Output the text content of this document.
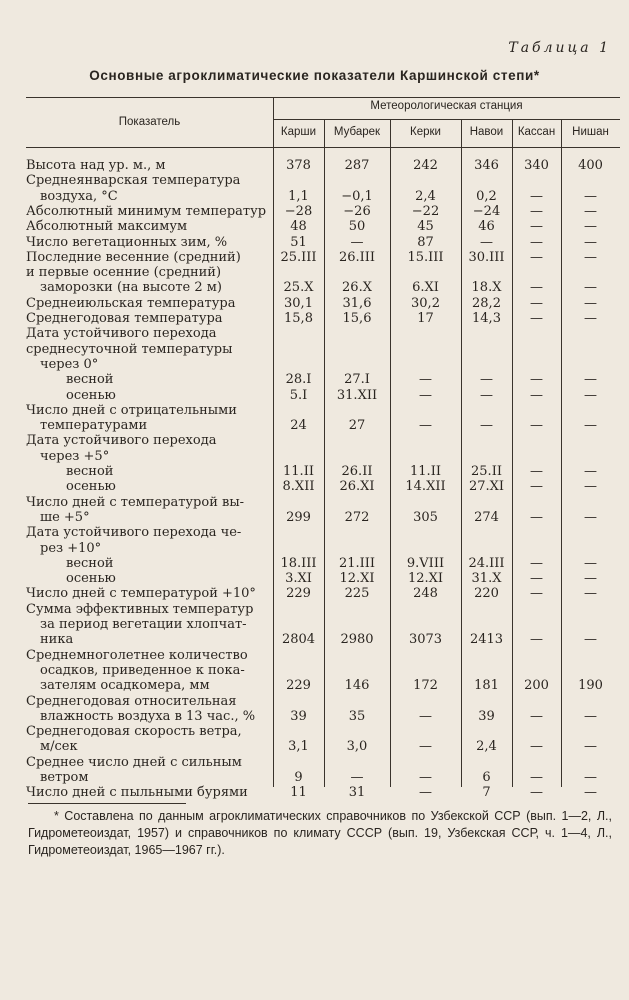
Таблица 1
Основные агроклиматические показатели Каршинской степи*
Показатель
Метеорологическая станция
Карши	Мубарек	Керки	Навои	Кассан	Нишан
Высота над ур. м., м	378	287	242	346	340	400
Среднеянварская температура
воздуха, °С	1,1	−0,1	2,4	0,2	—	—
Абсолютный минимум температур	−28	−26	−22	−24	—	—
Абсолютный максимум	48	50	45	46	—	—
Число вегетационных зим, %	51	—	87	—	—	—
Последние весенние (средний)	25.III	26.III	15.III	30.III	—	—
и первые осенние (средний)
заморозки (на высоте 2 м)	25.X	26.X	6.XI	18.X	—	—
Среднеиюльская температура	30,1	31,6	30,2	28,2	—	—
Среднегодовая температура	15,8	15,6	17	14,3	—	—
Дата устойчивого перехода
среднесуточной температуры
через 0°
весной	28.I	27.I	—	—	—	—
осенью	5.I	31.XII	—	—	—	—
Число дней с отрицательными
температурами	24	27	—	—	—	—
Дата устойчивого перехода
через +5°
весной	11.II	26.II	11.II	25.II	—	—
осенью	8.XII	26.XI	14.XII	27.XI	—	—
Число дней с температурой вы-
ше +5°	299	272	305	274	—	—
Дата устойчивого перехода че-
рез +10°
весной	18.III	21.III	9.VIII	24.III	—	—
осенью	3.XI	12.XI	12.XI	31.X	—	—
Число дней с температурой +10°	229	225	248	220	—	—
Сумма эффективных температур
за период вегетации хлопчат-
ника	2804	2980	3073	2413	—	—
Среднемноголетнее количество
осадков, приведенное к пока-
зателям осадкомера, мм	229	146	172	181	200	190
Среднегодовая относительная
влажность воздуха в 13 час., %	39	35	—	39	—	—
Среднегодовая скорость ветра,
м/сек	3,1	3,0	—	2,4	—	—
Среднее число дней с сильным
ветром	9	—	—	6	—	—
Число дней с пыльными бурями	11	31	—	7	—	—
* Составлена по данным агроклиматических справочников по Узбекской ССР (вып. 1—2, Л., Гидрометеоиздат, 1957) и справочников по климату СССР (вып. 19, Узбекская ССР, ч. 1—4, Л., Гидрометеоиздат, 1965—1967 гг.).
